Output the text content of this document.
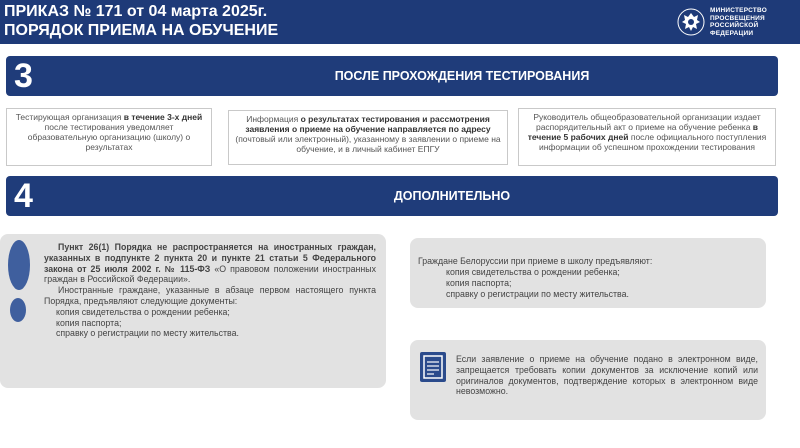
ПРИКАЗ № 171 от 04 марта 2025г.
ПОРЯДОК ПРИЕМА НА ОБУЧЕНИЕ
МИНИСТЕРСТВО
ПРОСВЕЩЕНИЯ
РОССИЙСКОЙ
ФЕДЕРАЦИИ
3	ПОСЛЕ ПРОХОЖДЕНИЯ ТЕСТИРОВАНИЯ
Тестирующая организация в течение 3-х дней после тестирования уведомляет образовательную организацию (школу) о результатах
Информация о результатах тестирования и рассмотрения заявления о приеме на обучение направляется по адресу (почтовый или электронный), указанному в заявлении о приеме на обучение, и в личный кабинет ЕПГУ
Руководитель общеобразовательной организации издает распорядительный акт о приеме на обучение ребенка в течение 5 рабочих дней после официального поступления информации об успешном прохождении тестирования
4	ДОПОЛНИТЕЛЬНО
Пункт 26(1) Порядка не распространяется на иностранных граждан, указанных в подпункте 2 пункта 20 и пункте 21 статьи 5 Федерального закона от 25 июля 2002 г. № 115-ФЗ «О правовом положении иностранных граждан в Российской Федерации».
Иностранные граждане, указанные в абзаце первом настоящего пункта Порядка, предъявляют следующие документы:
копия свидетельства о рождении ребенка;
копия паспорта;
справку о регистрации по месту жительства.
Граждане Белоруссии при приеме в школу предъявляют:
копия свидетельства о рождении ребенка;
копия паспорта;
справку о регистрации по месту жительства.
Если заявление о приеме на обучение подано в электронном виде, запрещается требовать копии документов за исключение копий или оригиналов документов, подтверждение которых в электронном виде невозможно.
